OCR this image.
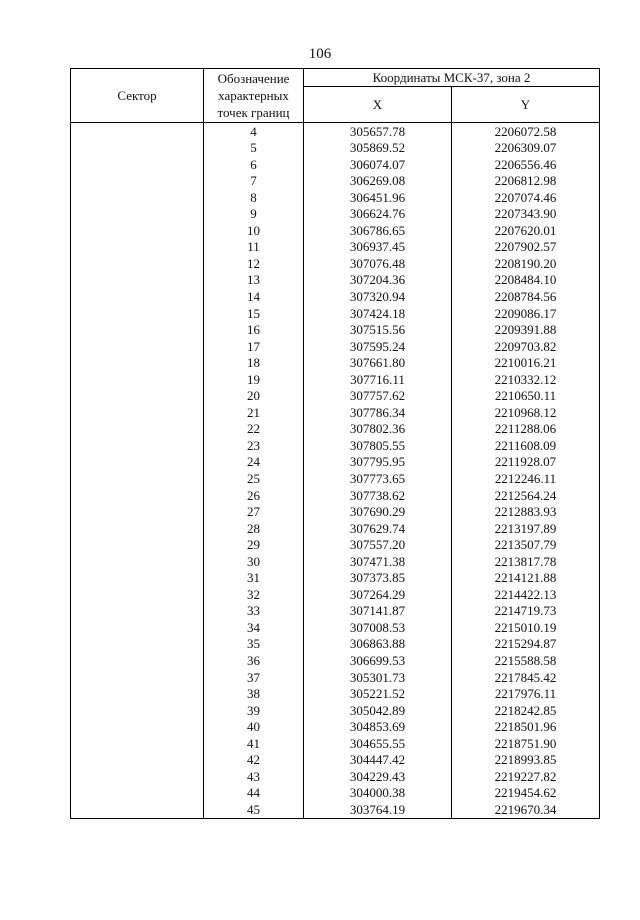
106
Сектор	Обозначение характерных точек границ	Координаты МСК-37, зона 2	
		X	Y
	4	305657.78	2206072.58
	5	305869.52	2206309.07
	6	306074.07	2206556.46
	7	306269.08	2206812.98
	8	306451.96	2207074.46
	9	306624.76	2207343.90
	10	306786.65	2207620.01
	11	306937.45	2207902.57
	12	307076.48	2208190.20
	13	307204.36	2208484.10
	14	307320.94	2208784.56
	15	307424.18	2209086.17
	16	307515.56	2209391.88
	17	307595.24	2209703.82
	18	307661.80	2210016.21
	19	307716.11	2210332.12
	20	307757.62	2210650.11
	21	307786.34	2210968.12
	22	307802.36	2211288.06
	23	307805.55	2211608.09
	24	307795.95	2211928.07
	25	307773.65	2212246.11
	26	307738.62	2212564.24
	27	307690.29	2212883.93
	28	307629.74	2213197.89
	29	307557.20	2213507.79
	30	307471.38	2213817.78
	31	307373.85	2214121.88
	32	307264.29	2214422.13
	33	307141.87	2214719.73
	34	307008.53	2215010.19
	35	306863.88	2215294.87
	36	306699.53	2215588.58
	37	305301.73	2217845.42
	38	305221.52	2217976.11
	39	305042.89	2218242.85
	40	304853.69	2218501.96
	41	304655.55	2218751.90
	42	304447.42	2218993.85
	43	304229.43	2219227.82
	44	304000.38	2219454.62
	45	303764.19	2219670.34
